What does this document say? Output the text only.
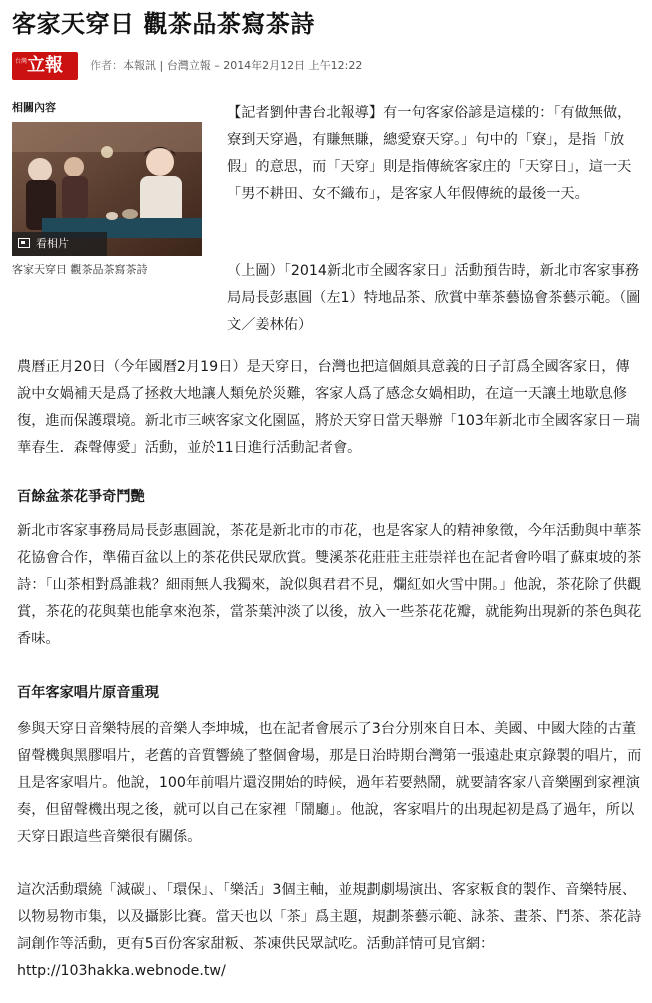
客家天穿日 觀茶品茶寫茶詩
台灣 立報	作者：本報訊 | 台灣立報 – 2014年2月12日 上午12:22
相關內容
看相片
客家天穿日 觀茶品茶寫茶詩

【記者劉仲書台北報導】有一句客家俗諺是這樣的：「有做無做，寮到天穿過，有賺無賺，總愛寮天穿。」句中的「寮」，是指「放假」的意思，而「天穿」則是指傳統客家庄的「天穿日」，這一天「男不耕田、女不織布」，是客家人年假傳統的最後一天。

（上圖）「2014新北市全國客家日」活動預告時，新北市客家事務局局長彭惠圓（左1）特地品茶、欣賞中華茶藝協會茶藝示範。（圖文／姜林佑）

農曆正月20日（今年國曆2月19日）是天穿日，台灣也把這個頗具意義的日子訂爲全國客家日，傳說中女媧補天是爲了拯救大地讓人類免於災難，客家人爲了感念女媧相助，在這一天讓土地歇息修復，進而保護環境。新北市三峽客家文化園區，將於天穿日當天舉辦「103年新北市全國客家日－瑞華春生．森聲傳愛」活動，並於11日進行活動記者會。

百餘盆茶花爭奇鬥艷

新北市客家事務局局長彭惠圓說，茶花是新北市的市花，也是客家人的精神象徵，今年活動與中華茶花協會合作，準備百盆以上的茶花供民眾欣賞。雙溪茶花莊莊主莊崇祥也在記者會吟唱了蘇東坡的茶詩：「山茶相對爲誰栽？細雨無人我獨來，說似與君君不見，爛紅如火雪中開。」他說，茶花除了供觀賞，茶花的花與葉也能拿來泡茶，當茶葉沖淡了以後，放入一些茶花花瓣，就能夠出現新的茶色與花香味。

百年客家唱片原音重現

參與天穿日音樂特展的音樂人李坤城，也在記者會展示了3台分別來自日本、美國、中國大陸的古董留聲機與黑膠唱片，老舊的音質響繞了整個會場，那是日治時期台灣第一張遠赴東京錄製的唱片，而且是客家唱片。他說，100年前唱片還沒開始的時候，過年若要熱鬧，就要請客家八音樂團到家裡演奏，但留聲機出現之後，就可以自己在家裡「鬧廳」。他說，客家唱片的出現起初是爲了過年，所以天穿日跟這些音樂很有關係。

這次活動環繞「減碳」、「環保」、「樂活」3個主軸，並規劃劇場演出、客家粄食的製作、音樂特展、以物易物市集，以及攝影比賽。當天也以「茶」爲主題，規劃茶藝示範、詠茶、畫茶、鬥茶、茶花詩詞創作等活動，更有5百份客家甜粄、茶凍供民眾試吃。活動詳情可見官網：http://103hakka.webnode.tw/
